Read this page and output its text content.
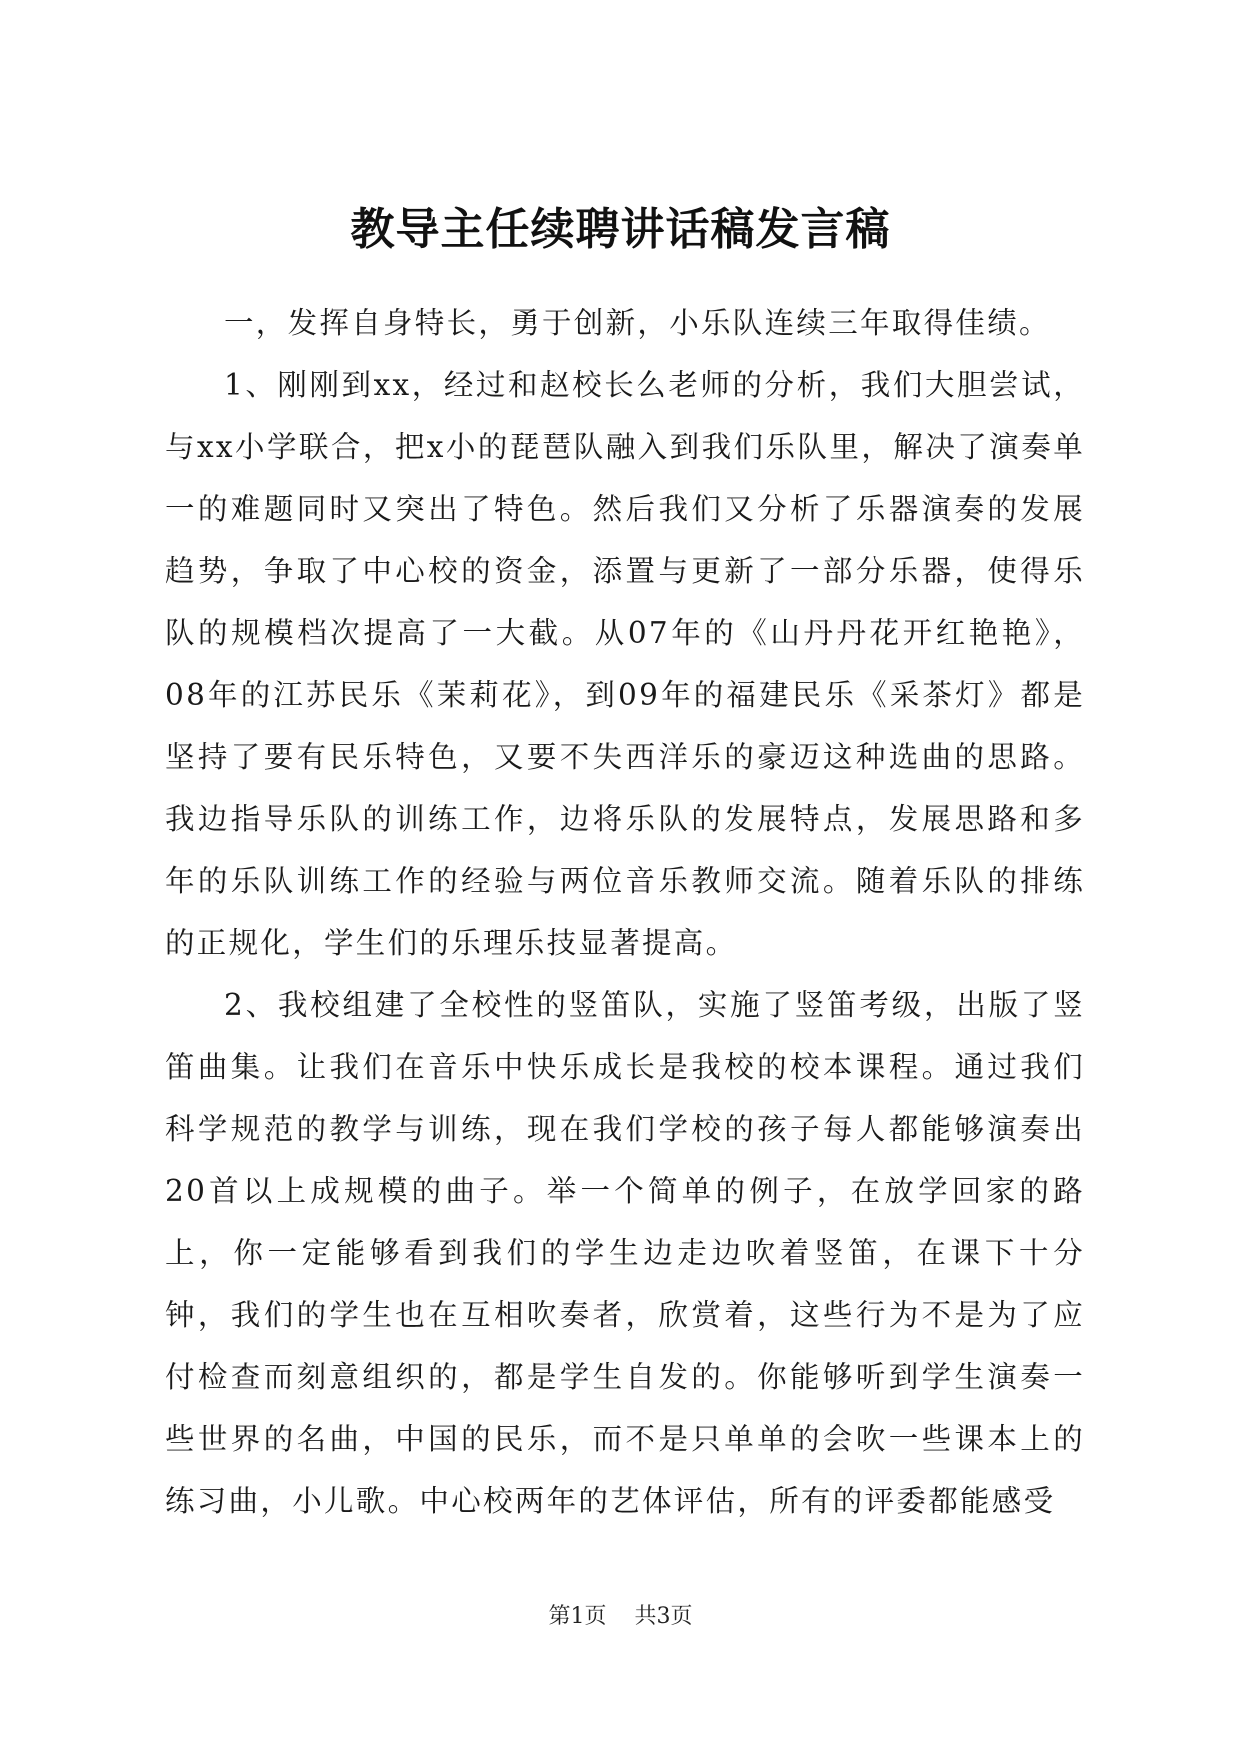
教导主任续聘讲话稿发言稿

一，发挥自身特长，勇于创新，小乐队连续三年取得佳绩。

1、刚刚到xx，经过和赵校长么老师的分析，我们大胆尝试，与xx小学联合，把x小的琵琶队融入到我们乐队里，解决了演奏单一的难题同时又突出了特色。然后我们又分析了乐器演奏的发展趋势，争取了中心校的资金，添置与更新了一部分乐器，使得乐队的规模档次提高了一大截。从07年的《山丹丹花开红艳艳》，08年的江苏民乐《茉莉花》，到09年的福建民乐《采茶灯》都是坚持了要有民乐特色，又要不失西洋乐的豪迈这种选曲的思路。我边指导乐队的训练工作，边将乐队的发展特点，发展思路和多年的乐队训练工作的经验与两位音乐教师交流。随着乐队的排练的正规化，学生们的乐理乐技显著提高。

2、我校组建了全校性的竖笛队，实施了竖笛考级，出版了竖笛曲集。让我们在音乐中快乐成长是我校的校本课程。通过我们科学规范的教学与训练，现在我们学校的孩子每人都能够演奏出20首以上成规模的曲子。举一个简单的例子，在放学回家的路上，你一定能够看到我们的学生边走边吹着竖笛，在课下十分钟，我们的学生也在互相吹奏者，欣赏着，这些行为不是为了应付检查而刻意组织的，都是学生自发的。你能够听到学生演奏一些世界的名曲，中国的民乐，而不是只单单的会吹一些课本上的练习曲，小儿歌。中心校两年的艺体评估，所有的评委都能感受

第1页 共3页
